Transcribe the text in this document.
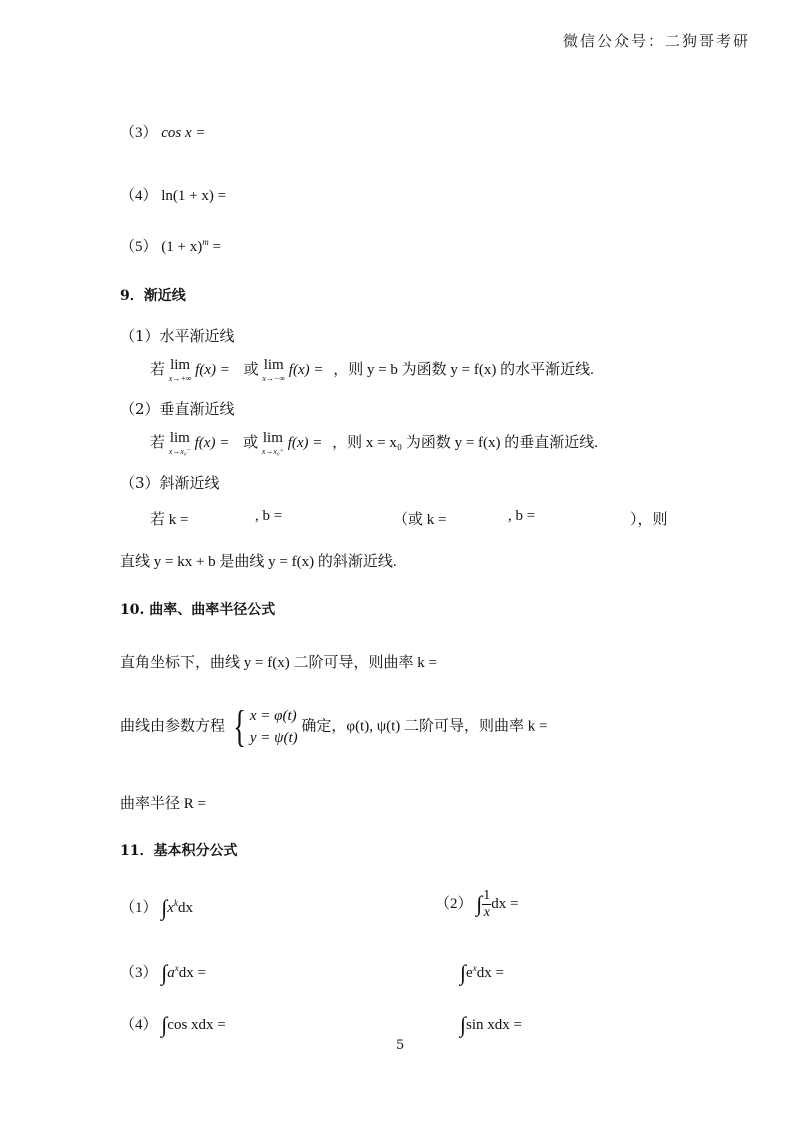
微信公众号：二狗哥考研
（3） cos x =
（4） ln(1 + x) =
（5） $(1 + x)^m$ =
9．渐近线
（1）水平渐近线
若 lim
x→+∞
f(x) = 或 lim
x→−∞
f(x) = ，则 y = b 为函数 y = f(x) 的水平渐近线.
（2）垂直渐近线
若 lim
x→x₀⁻
f(x) = 或 lim
x→x₀⁺
f(x) = ，则 x = x₀ 为函数 y = f(x) 的垂直渐近线.
（3）斜渐近线
若 k =	, b =	（或 k =	, b =	），则
直线 y = kx + b 是曲线 y = f(x) 的斜渐近线.
10. 曲率、曲率半径公式
直角坐标下，曲线 y = f(x) 二阶可导，则曲率 k =
曲线由参数方程 { x = φ(t)
y = ψ(t)
确定，φ(t), ψ(t) 二阶可导，则曲率 k =
曲率半径 R =
11．基本积分公式
（1） $\int x^kdx$	（2） ∫ $\frac{1}{x}$ dx =
（3） $\int a^xdx$ =	$\int e^xdx$ =
（4） ∫cos xdx =	∫sin xdx =
5
